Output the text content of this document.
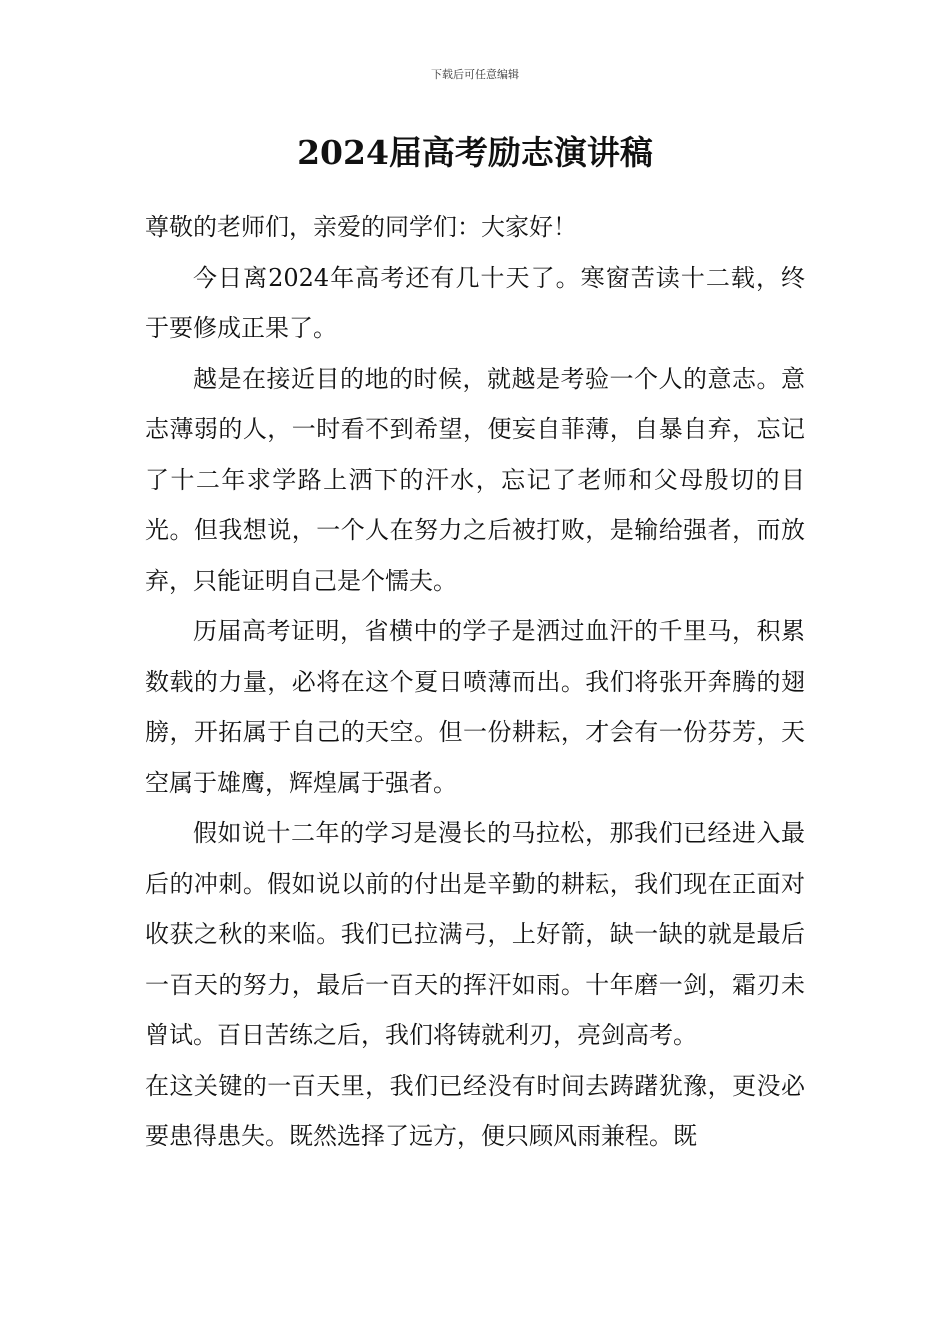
下载后可任意编辑
2024届高考励志演讲稿

尊敬的老师们，亲爱的同学们：大家好！

今日离2024年高考还有几十天了。寒窗苦读十二载，终于要修成正果了。

越是在接近目的地的时候，就越是考验一个人的意志。意志薄弱的人，一时看不到希望，便妄自菲薄，自暴自弃，忘记了十二年求学路上洒下的汗水，忘记了老师和父母殷切的目光。但我想说，一个人在努力之后被打败，是输给强者，而放弃，只能证明自己是个懦夫。

历届高考证明，省横中的学子是洒过血汗的千里马，积累数载的力量，必将在这个夏日喷薄而出。我们将张开奔腾的翅膀，开拓属于自己的天空。但一份耕耘，才会有一份芬芳，天空属于雄鹰，辉煌属于强者。

假如说十二年的学习是漫长的马拉松，那我们已经进入最后的冲刺。假如说以前的付出是辛勤的耕耘，我们现在正面对收获之秋的来临。我们已拉满弓，上好箭，缺一缺的就是最后一百天的努力，最后一百天的挥汗如雨。十年磨一剑，霜刃未曾试。百日苦练之后，我们将铸就利刃，亮剑高考。

在这关键的一百天里，我们已经没有时间去踌躇犹豫，更没必要患得患失。既然选择了远方，便只顾风雨兼程。既
